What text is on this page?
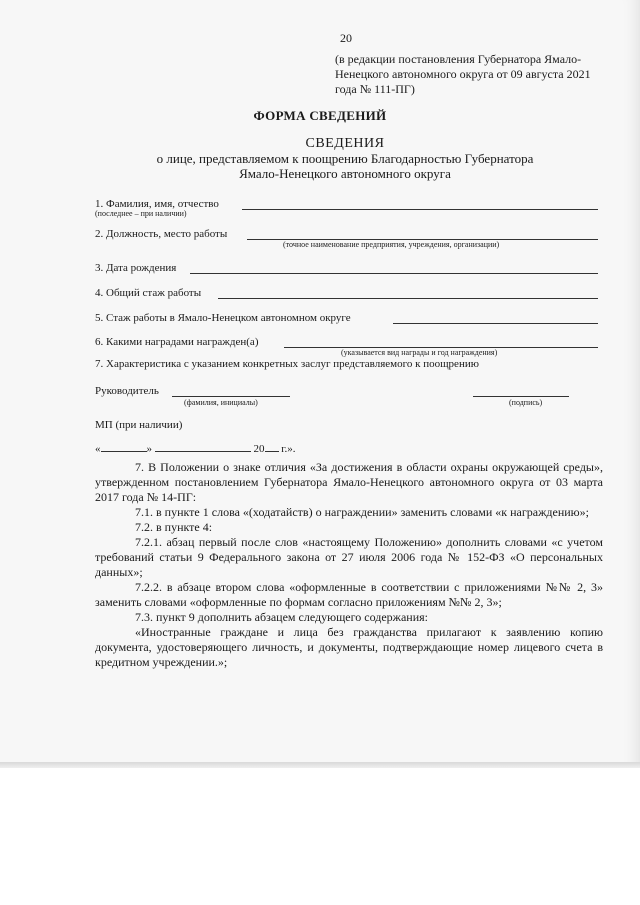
20
(в редакции постановления Губернатора Ямало-Ненецкого автономного округа от 09 августа 2021 года № 111-ПГ)
ФОРМА СВЕДЕНИЙ
СВЕДЕНИЯ
о лице, представляемом к поощрению Благодарностью Губернатора
Ямало-Ненецкого автономного округа
1. Фамилия, имя, отчество
(последнее – при наличии)
2. Должность, место работы
(точное наименование предприятия, учреждения, организации)
3. Дата рождения
4. Общий стаж работы
5. Стаж работы в Ямало-Ненецком автономном округе
6. Какими наградами награжден(а)
(указывается вид награды и год награждения)
7. Характеристика с указанием конкретных заслуг представляемого к поощрению
Руководитель
(фамилия, инициалы)	(подпись)
МП (при наличии)
«	»	20 г.».

7. В Положении о знаке отличия «За достижения в области охраны окружающей среды», утвержденном постановлением Губернатора Ямало-Ненецкого автономного округа от 03 марта 2017 года № 14-ПГ:

7.1. в пункте 1 слова «(ходатайств) о награждении» заменить словами «к награждению»;

7.2. в пункте 4:

7.2.1. абзац первый после слов «настоящему Положению» дополнить словами «с учетом требований статьи 9 Федерального закона от 27 июля 2006 года № 152-ФЗ «О персональных данных»;

7.2.2. в абзаце втором слова «оформленные в соответствии с приложениями №№ 2, 3» заменить словами «оформленные по формам согласно приложениям №№ 2, 3»;

7.3. пункт 9 дополнить абзацем следующего содержания:

«Иностранные граждане и лица без гражданства прилагают к заявлению копию документа, удостоверяющего личность, и документы, подтверждающие номер лицевого счета в кредитном учреждении.»;
